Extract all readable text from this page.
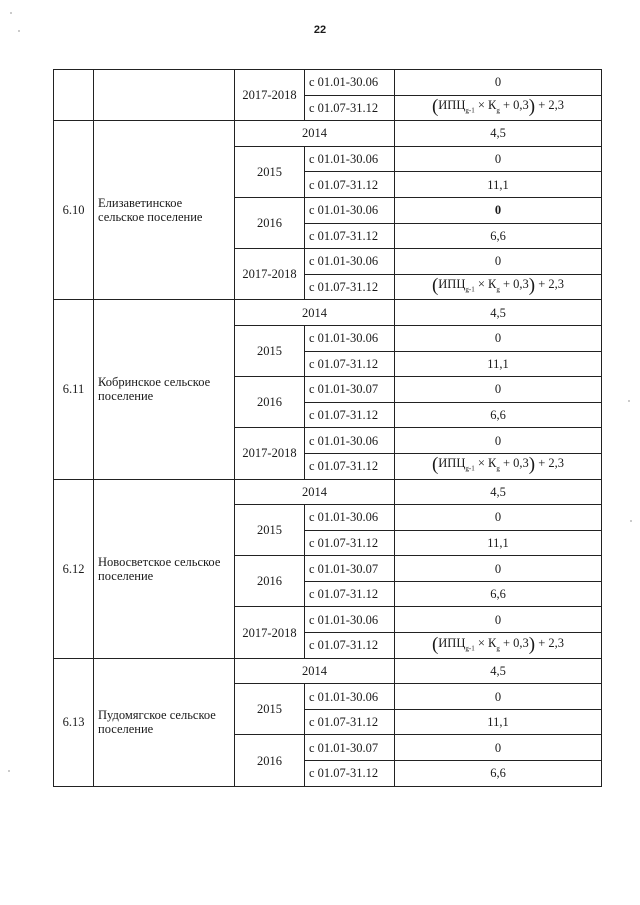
22
		2017-2018	с 01.01-30.06	0
			с 01.07-31.12	$(ИПЦ_{g-1} \times К_g + 0,3) + 2,3$
6.10	Елизаветинское сельское поселение	2014		4,5
		2015	с 01.01-30.06	0
			с 01.07-31.12	11,1
		2016	с 01.01-30.06	0
			с 01.07-31.12	6,6
		2017-2018	с 01.01-30.06	0
			с 01.07-31.12	$(ИПЦ_{g-1} \times К_g + 0,3) + 2,3$
6.11	Кобринское сельское поселение	2014		4,5
		2015	с 01.01-30.06	0
			с 01.07-31.12	11,1
		2016	с 01.01-30.07	0
			с 01.07-31.12	6,6
		2017-2018	с 01.01-30.06	0
			с 01.07-31.12	$(ИПЦ_{g-1} \times К_g + 0,3) + 2,3$
6.12	Новосветское сельское поселение	2014		4,5
		2015	с 01.01-30.06	0
			с 01.07-31.12	11,1
		2016	с 01.01-30.07	0
			с 01.07-31.12	6,6
		2017-2018	с 01.01-30.06	0
			с 01.07-31.12	$(ИПЦ_{g-1} \times К_g + 0,3) + 2,3$
6.13	Пудомягское сельское поселение	2014		4,5
		2015	с 01.01-30.06	0
			с 01.07-31.12	11,1
		2016	с 01.01-30.07	0
			с 01.07-31.12	6,6
